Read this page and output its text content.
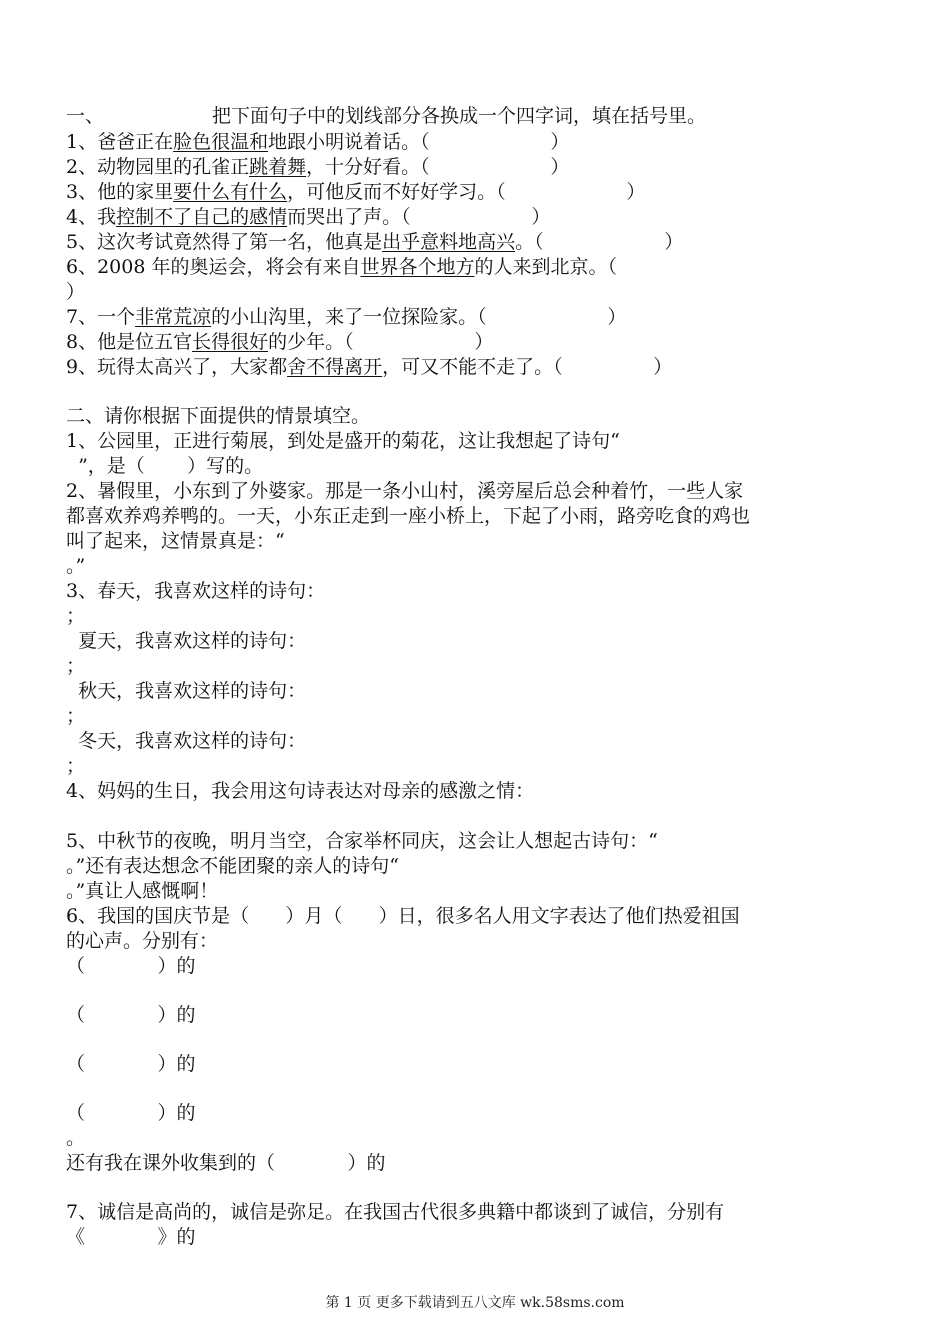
一、	把下面句子中的划线部分各换成一个四字词，填在括号里。
1、爸爸正在脸色很温和地跟小明说着话。（                    ）
2、动物园里的孔雀正跳着舞，十分好看。（                    ）
3、他的家里要什么有什么，可他反而不好好学习。（                    ）
4、我控制不了自己的感情而哭出了声。（                    ）
5、这次考试竟然得了第一名，他真是出乎意料地高兴。（                    ）
6、2008 年的奥运会，将会有来自世界各个地方的人来到北京。（
）
7、一个非常荒凉的小山沟里，来了一位探险家。（                    ）
8、他是位五官长得很好的少年。（                    ）
9、玩得太高兴了，大家都舍不得离开，可又不能不走了。（               ）
二、请你根据下面提供的情景填空。
1、公园里，正进行菊展，到处是盛开的菊花，这让我想起了诗句“
”，是（       ）写的。
2、暑假里，小东到了外婆家。那是一条小山村，溪旁屋后总会种着竹，一些人家
都喜欢养鸡养鸭的。一天，小东正走到一座小桥上，下起了小雨，路旁吃食的鸡也
叫了起来，这情景真是：“
。”
3、春天，我喜欢这样的诗句：
；
夏天，我喜欢这样的诗句：
；
秋天，我喜欢这样的诗句：
；
冬天，我喜欢这样的诗句：
；
4、妈妈的生日，我会用这句诗表达对母亲的感激之情：
5、中秋节的夜晚，明月当空，合家举杯同庆，这会让人想起古诗句：“
。”还有表达想念不能团聚的亲人的诗句“
。”真让人感慨啊！
6、我国的国庆节是（      ）月（      ）日，很多名人用文字表达了他们热爱祖国
的心声。分别有：
（            ）的
（            ）的
（            ）的
（            ）的
。
还有我在课外收集到的（            ）的
7、诚信是高尚的，诚信是弥足。在我国古代很多典籍中都谈到了诚信，分别有
《            》的
第 1 页 更多下载请到五八文库 wk.58sms.com
